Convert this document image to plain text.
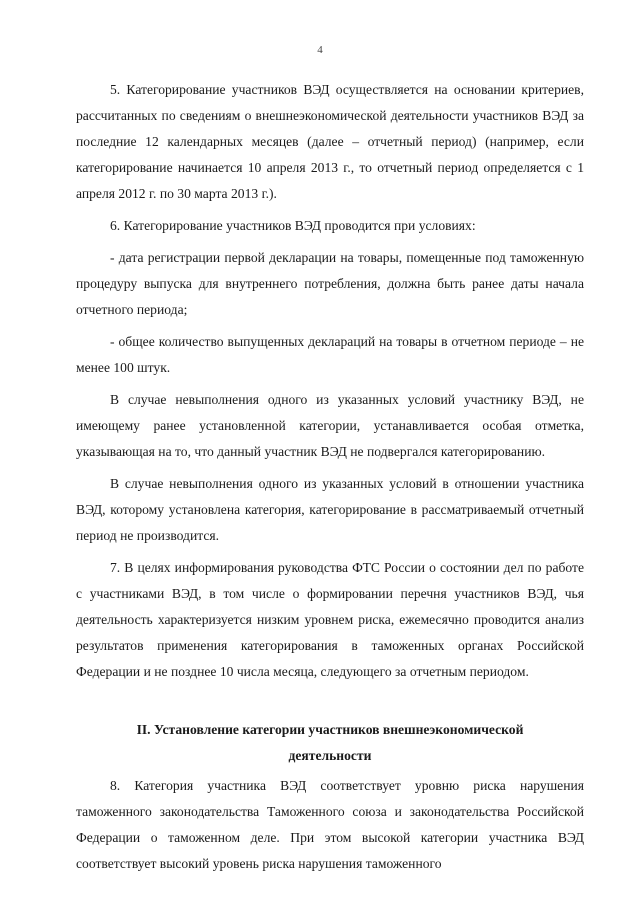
4

5. Категорирование участников ВЭД осуществляется на основании критериев, рассчитанных по сведениям о внешнеэкономической деятельности участников ВЭД за последние 12 календарных месяцев (далее – отчетный период) (например, если категорирование начинается 10 апреля 2013 г., то отчетный период определяется с 1 апреля 2012 г. по 30 марта 2013 г.).

6. Категорирование участников ВЭД проводится при условиях:

- дата регистрации первой декларации на товары, помещенные под таможенную процедуру выпуска для внутреннего потребления, должна быть ранее даты начала отчетного периода;

- общее количество выпущенных деклараций на товары в отчетном периоде – не менее 100 штук.

В случае невыполнения одного из указанных условий участнику ВЭД, не имеющему ранее установленной категории, устанавливается особая отметка, указывающая на то, что данный участник ВЭД не подвергался категорированию.

В случае невыполнения одного из указанных условий в отношении участника ВЭД, которому установлена категория, категорирование в рассматриваемый отчетный период не производится.

7. В целях информирования руководства ФТС России о состоянии дел по работе с участниками ВЭД, в том числе о формировании перечня участников ВЭД, чья деятельность характеризуется низким уровнем риска, ежемесячно проводится анализ результатов применения категорирования в таможенных органах Российской Федерации и не позднее 10 числа месяца, следующего за отчетным периодом.

II. Установление категории участников внешнеэкономической
деятельности

8. Категория участника ВЭД соответствует уровню риска нарушения таможенного законодательства Таможенного союза и законодательства Российской Федерации о таможенном деле. При этом высокой категории участника ВЭД соответствует высокий уровень риска нарушения таможенного
